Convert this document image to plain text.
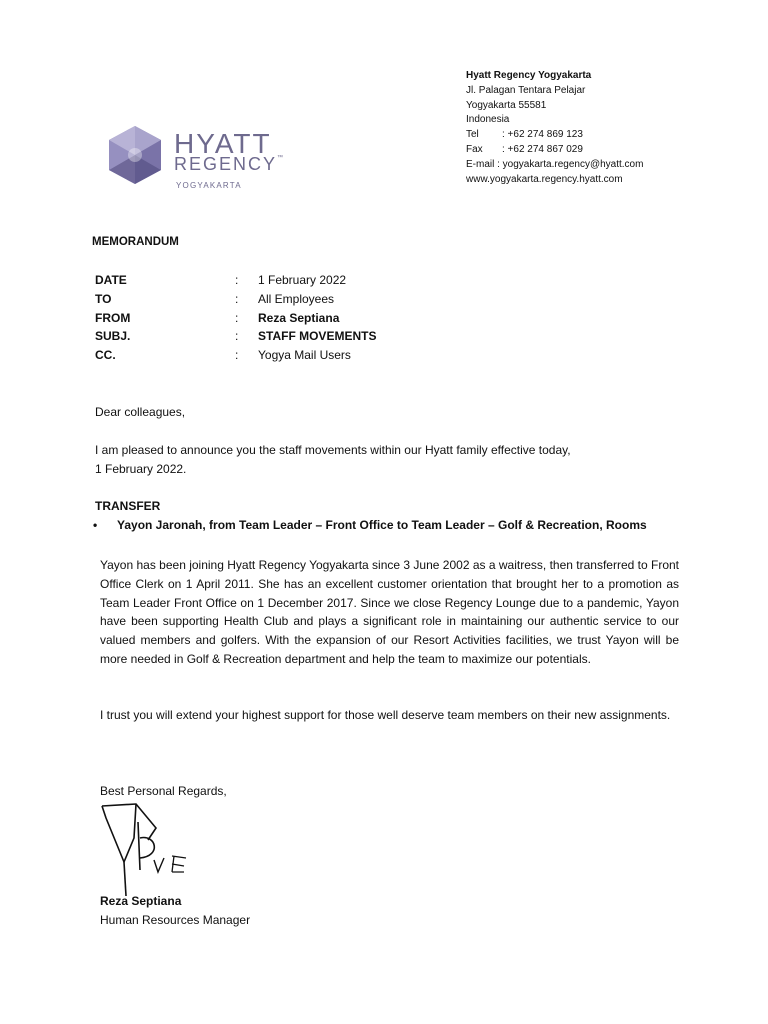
HYATT
REGENCY™
YOGYAKARTA
Hyatt Regency Yogyakarta
Jl. Palagan Tentara Pelajar
Yogyakarta 55581
Indonesia
Tel : +62 274 869 123
Fax : +62 274 867 029
E-mail : yogyakarta.regency@hyatt.com
www.yogyakarta.regency.hyatt.com
MEMORANDUM
DATE	: 1 February 2022
TO	: All Employees
FROM	: Reza Septiana
SUBJ.	: STAFF MOVEMENTS
CC.	: Yogya Mail Users
Dear colleagues,
I am pleased to announce you the staff movements within our Hyatt family effective today,
1 February 2022.
TRANSFER
• Yayon Jaronah, from Team Leader – Front Office to Team Leader – Golf & Recreation, Rooms
Yayon has been joining Hyatt Regency Yogyakarta since 3 June 2002 as a waitress, then transferred to Front Office Clerk on 1 April 2011. She has an excellent customer orientation that brought her to a promotion as Team Leader Front Office on 1 December 2017. Since we close Regency Lounge due to a pandemic, Yayon have been supporting Health Club and plays a significant role in maintaining our authentic service to our valued members and golfers. With the expansion of our Resort Activities facilities, we trust Yayon will be more needed in Golf & Recreation department and help the team to maximize our potentials.
I trust you will extend your highest support for those well deserve team members on their new assignments.
Best Personal Regards,
Reza Septiana
Human Resources Manager
